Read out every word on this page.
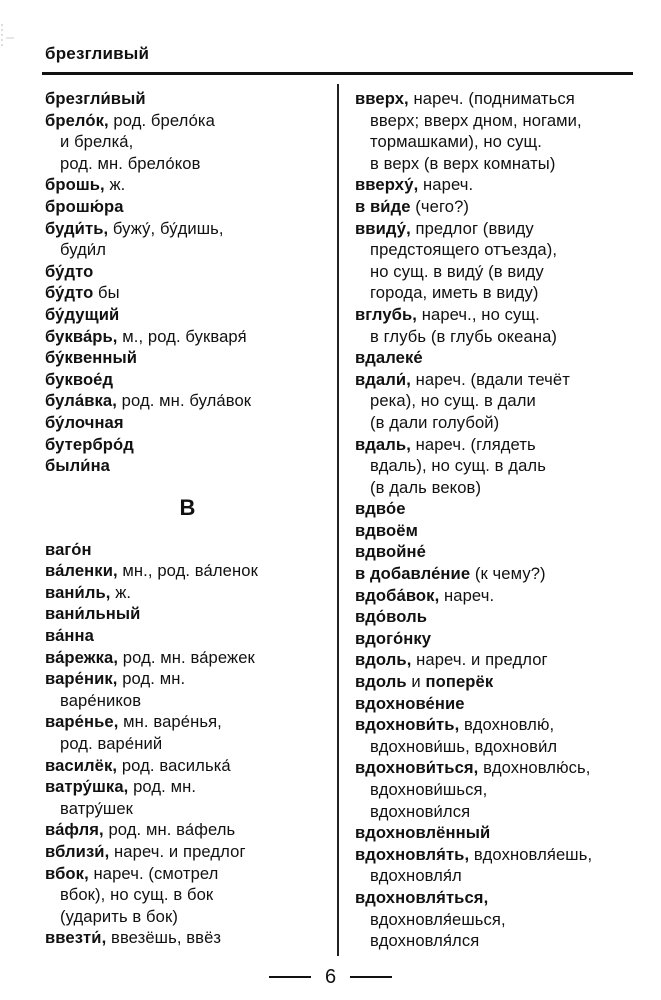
брезгливый
брезгли́вый
брело́к, род. брело́ка
и брелка́,
род. мн. брело́ков
брошь, ж.
брошю́ра
буди́ть, бужу́, бу́дишь,
буди́л
бу́дто
бу́дто бы
бу́дущий
буква́рь, м., род. букваря́
бу́квенный
буквое́д
була́вка, род. мн. була́вок
бу́лочная
бутербро́д
были́на
В
ваго́н
ва́ленки, мн., род. ва́ленок
вани́ль, ж.
вани́льный
ва́нна
ва́режка, род. мн. ва́режек
варе́ник, род. мн.
варе́ников
варе́нье, мн. варе́нья,
род. варе́ний
василёк, род. василька́
ватру́шка, род. мн.
ватру́шек
ва́фля, род. мн. ва́фель
вблизи́, нареч. и предлог
вбок, нареч. (смотрел
вбок), но сущ. в бок
(ударить в бок)
ввезти́, ввезёшь, ввёз
вверх, нареч. (подниматься
вверх; вверх дном, ногами,
тормашками), но сущ.
в верх (в верх комнаты)
вверху́, нареч.
в ви́де (чего?)
ввиду́, предлог (ввиду
предстоящего отъезда),
но сущ. в виду́ (в виду
города, иметь в виду)
вглубь, нареч., но сущ.
в глубь (в глубь океана)
вдалеке́
вдали́, нареч. (вдали течёт
река), но сущ. в дали
(в дали голубой)
вдаль, нареч. (глядеть
вдаль), но сущ. в даль
(в даль веков)
вдво́е
вдвоём
вдвойне́
в добавле́ние (к чему?)
вдоба́вок, нареч.
вдо́воль
вдого́нку
вдоль, нареч. и предлог
вдоль и поперёк
вдохнове́ние
вдохнови́ть, вдохновлю́,
вдохнови́шь, вдохнови́л
вдохнови́ться, вдохновлю́сь,
вдохнови́шься,
вдохнови́лся
вдохновлённый
вдохновля́ть, вдохновля́ешь,
вдохновля́л
вдохновля́ться,
вдохновля́ешься,
вдохновля́лся
6
